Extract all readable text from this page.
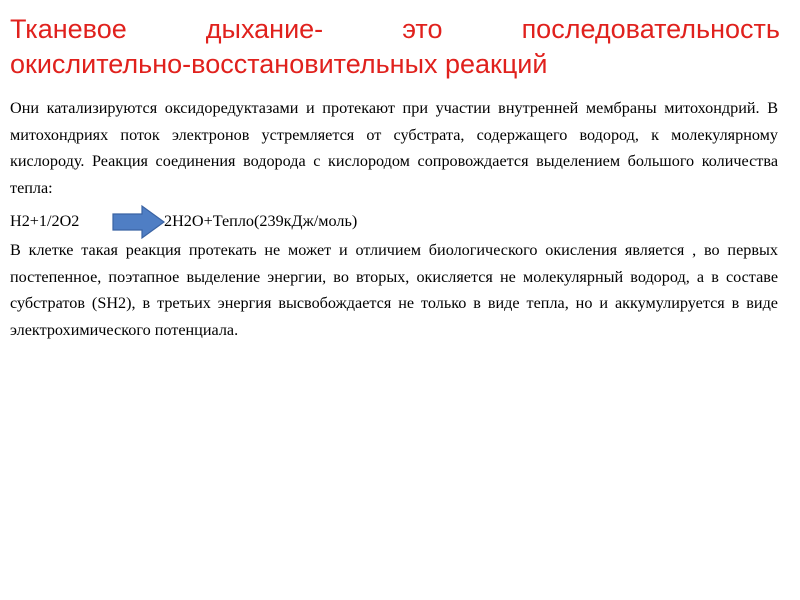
Тканевое	дыхание-	это	последовательность
окислительно-восстановительных реакций

Они катализируются оксидоредуктазами и протекают при участии внутренней мембраны митохондрий. В митохондриях поток электронов устремляется от субстрата, содержащего водород, к молекулярному кислороду. Реакция соединения водорода с кислородом сопровождается выделением большого количества тепла:

H2+1/2O2	2H2O+Тепло(239кДж/моль)

В клетке такая реакция протекать не может и отличием биологического окисления является , во первых постепенное, поэтапное выделение энергии, во вторых, окисляется не молекулярный водород, а в составе субстратов (SH2), в третьих энергия высвобождается не только в виде тепла, но и аккумулируется в виде электрохимического потенциала.
